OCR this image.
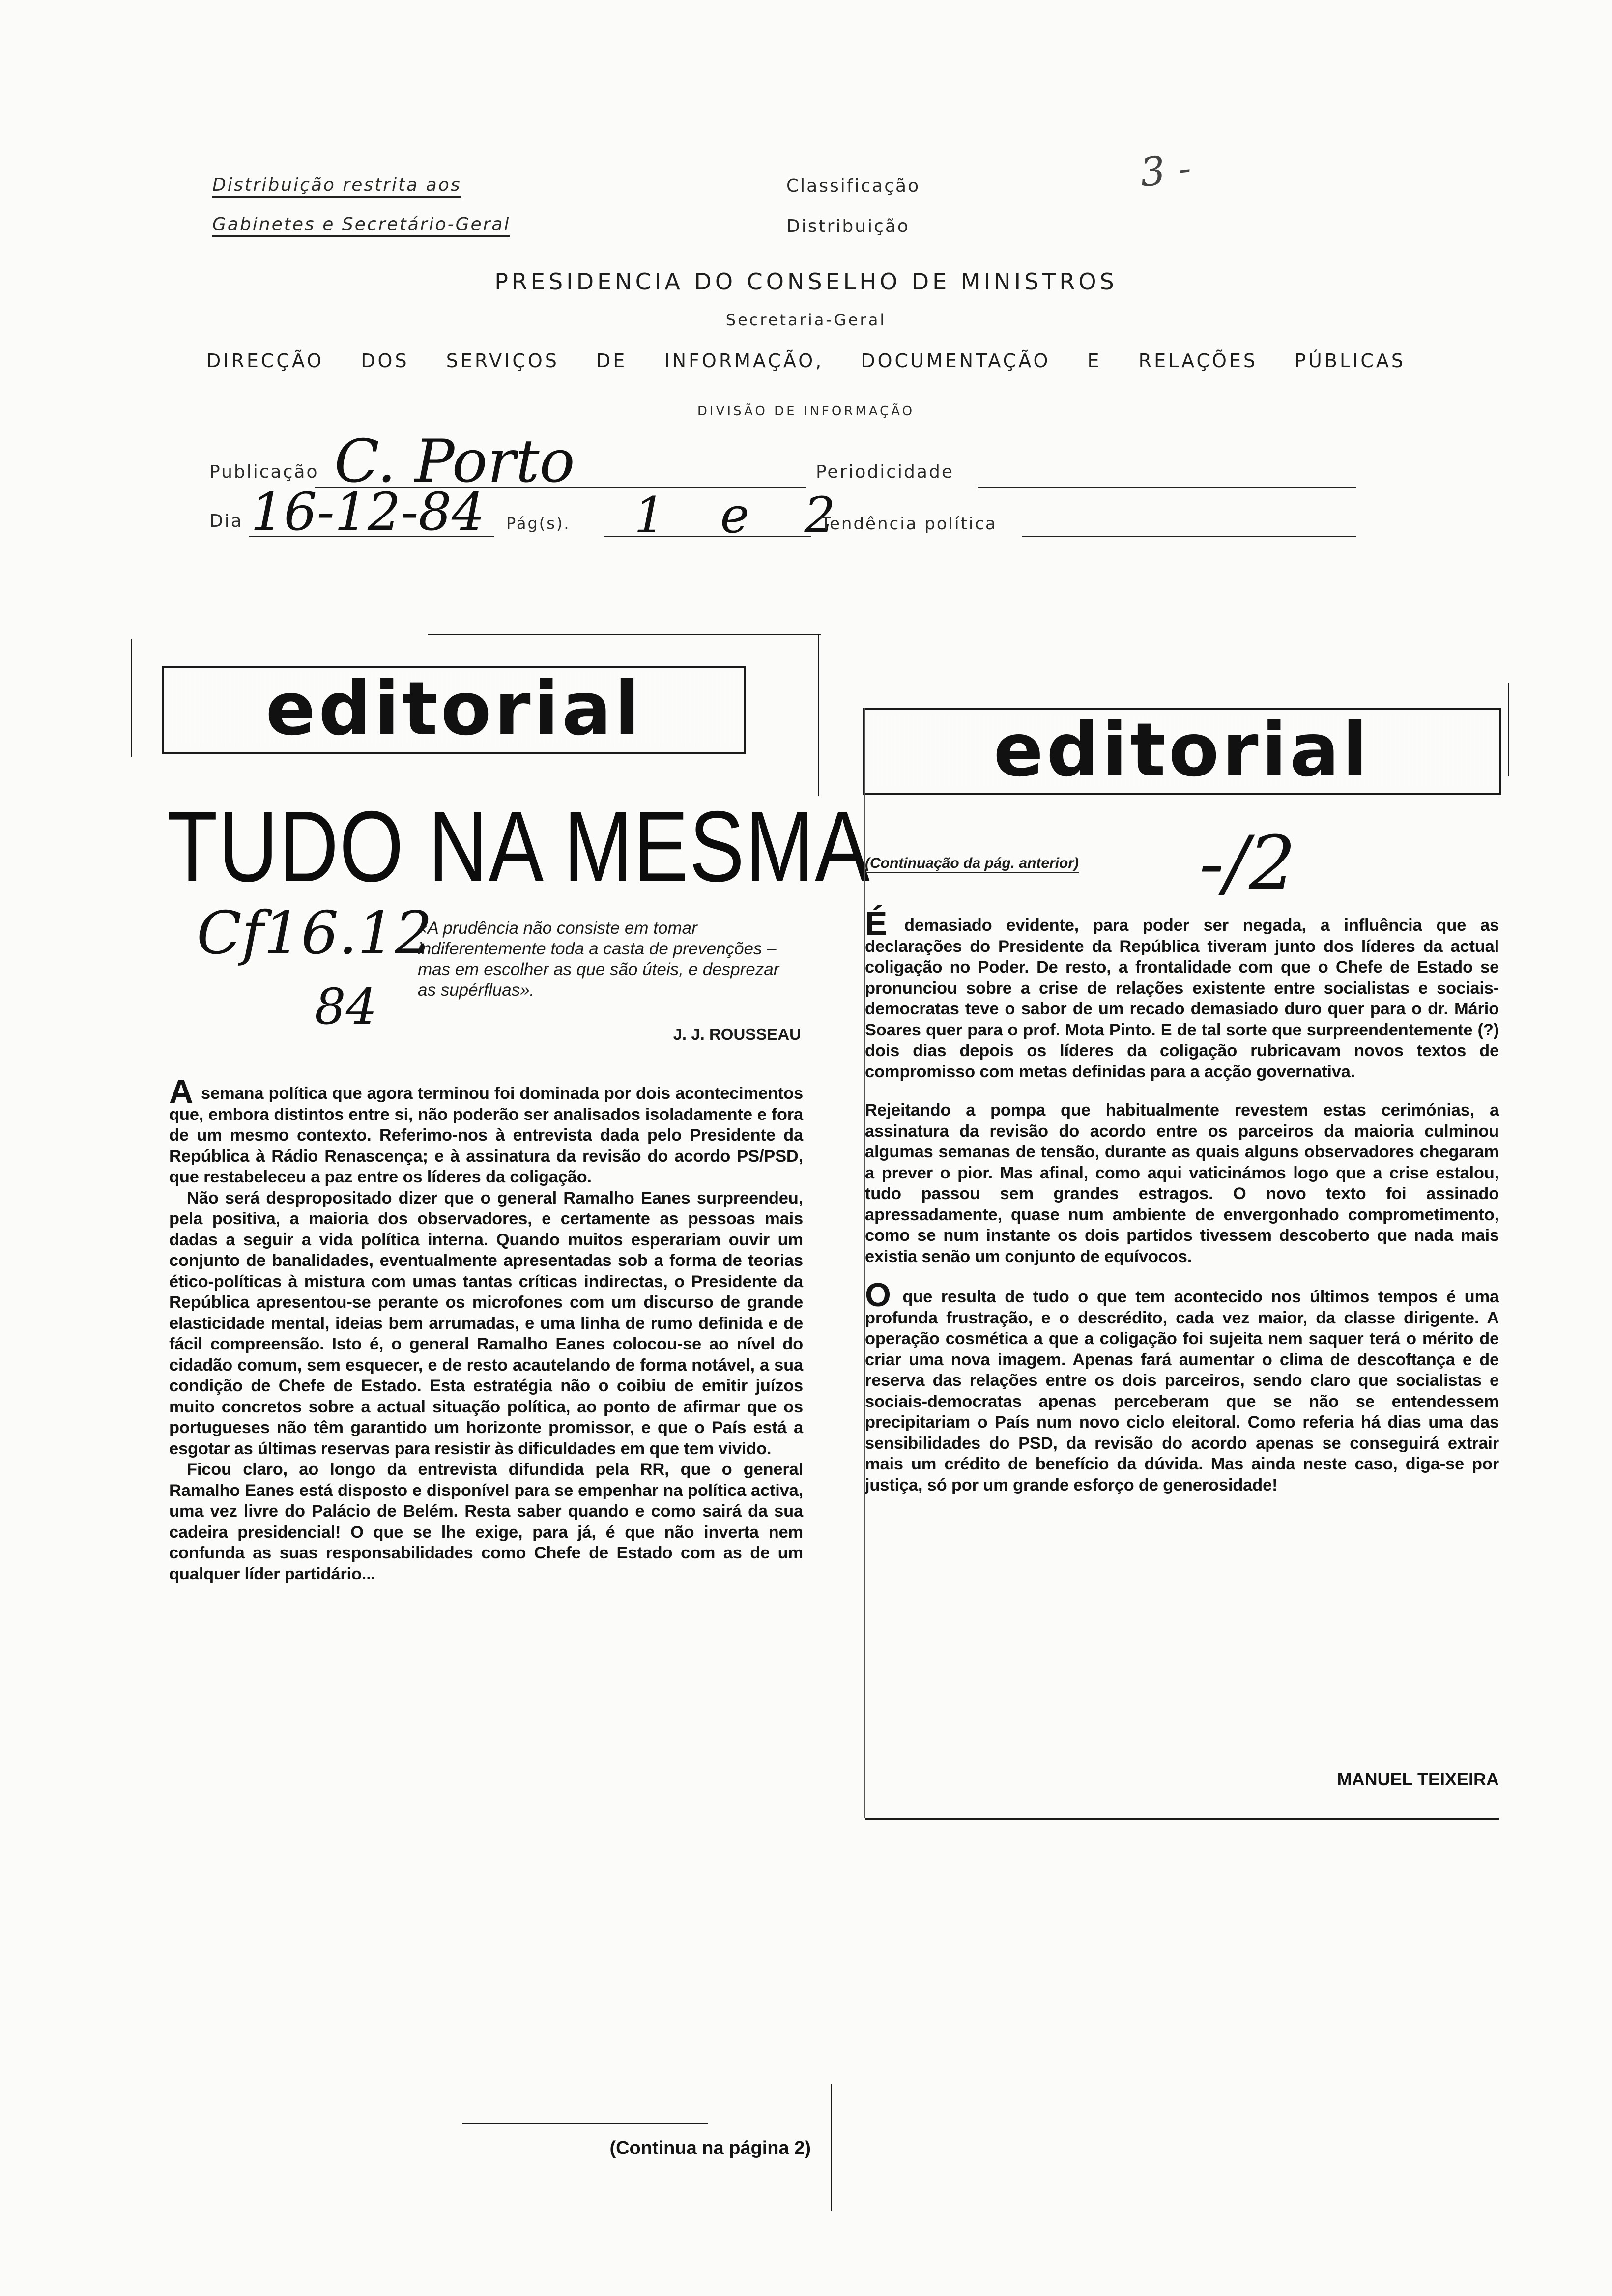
Distribuição restrita aos
Gabinetes e Secretário-Geral
Classificação
Distribuição
3 -
PRESIDENCIA DO CONSELHO DE MINISTROS
Secretaria-Geral
DIRECÇÃO DOS SERVIÇOS DE INFORMAÇÃO, DOCUMENTAÇÃO E RELAÇÕES PÚBLICAS
DIVISÃO DE INFORMAÇÃO
Publicação C. Porto	Periodicidade
Dia 16-12-84 Pág(s). 1 e 2
Tendência política
editorial
TUDO NA MESMA
Cf16.12
84
«A prudência não consiste em tomar indiferentemente toda a casta de prevenções – mas em escolher as que são úteis, e desprezar as supérfluas».
J. J. ROUSSEAU

A semana política que agora terminou foi dominada por dois acontecimentos que, embora distintos entre si, não poderão ser analisados isoladamente e fora de um mesmo contexto. Referimo-nos à entrevista dada pelo Presidente da República à Rádio Renascença; e à assinatura da revisão do acordo PS/PSD, que restabeleceu a paz entre os líderes da coligação.

Não será despropositado dizer que o general Ramalho Eanes surpreendeu, pela positiva, a maioria dos observadores, e certamente as pessoas mais dadas a seguir a vida política interna. Quando muitos esperariam ouvir um conjunto de banalidades, eventualmente apresentadas sob a forma de teorias ético-políticas à mistura com umas tantas críticas indirectas, o Presidente da República apresentou-se perante os microfones com um discurso de grande elasticidade mental, ideias bem arrumadas, e uma linha de rumo definida e de fácil compreensão. Isto é, o general Ramalho Eanes colocou-se ao nível do cidadão comum, sem esquecer, e de resto acautelando de forma notável, a sua condição de Chefe de Estado. Esta estratégia não o coibiu de emitir juízos muito concretos sobre a actual situação política, ao ponto de afirmar que os portugueses não têm garantido um horizonte promissor, e que o País está a esgotar as últimas reservas para resistir às dificuldades em que tem vivido.

Ficou claro, ao longo da entrevista difundida pela RR, que o general Ramalho Eanes está disposto e disponível para se empenhar na política activa, uma vez livre do Palácio de Belém. Resta saber quando e como sairá da sua cadeira presidencial! O que se lhe exige, para já, é que não inverta nem confunda as suas responsabilidades como Chefe de Estado com as de um qualquer líder partidário...

(Continua na página 2)
editorial
(Continuação da pág. anterior) -/2

É demasiado evidente, para poder ser negada, a influência que as declarações do Presidente da República tiveram junto dos líderes da actual coligação no Poder. De resto, a frontalidade com que o Chefe de Estado se pronunciou sobre a crise de relações existente entre socialistas e sociais-democratas teve o sabor de um recado demasiado duro quer para o dr. Mário Soares quer para o prof. Mota Pinto. E de tal sorte que surpreendentemente (?) dois dias depois os líderes da coligação rubricavam novos textos de compromisso com metas definidas para a acção governativa.

Rejeitando a pompa que habitualmente revestem estas cerimónias, a assinatura da revisão do acordo entre os parceiros da maioria culminou algumas semanas de tensão, durante as quais alguns observadores chegaram a prever o pior. Mas afinal, como aqui vaticinámos logo que a crise estalou, tudo passou sem grandes estragos. O novo texto foi assinado apressadamente, quase num ambiente de envergonhado comprometimento, como se num instante os dois partidos tivessem descoberto que nada mais existia senão um conjunto de equívocos.

O que resulta de tudo o que tem acontecido nos últimos tempos é uma profunda frustração, e o descrédito, cada vez maior, da classe dirigente. A operação cosmética a que a coligação foi sujeita nem saquer terá o mérito de criar uma nova imagem. Apenas fará aumentar o clima de descoftança e de reserva das relações entre os dois parceiros, sendo claro que socialistas e sociais-democratas apenas perceberam que se não se entendessem precipitariam o País num novo ciclo eleitoral. Como referia há dias uma das sensibilidades do PSD, da revisão do acordo apenas se conseguirá extrair mais um crédito de benefício da dúvida. Mas ainda neste caso, diga-se por justiça, só por um grande esforço de generosidade!

MANUEL TEIXEIRA
